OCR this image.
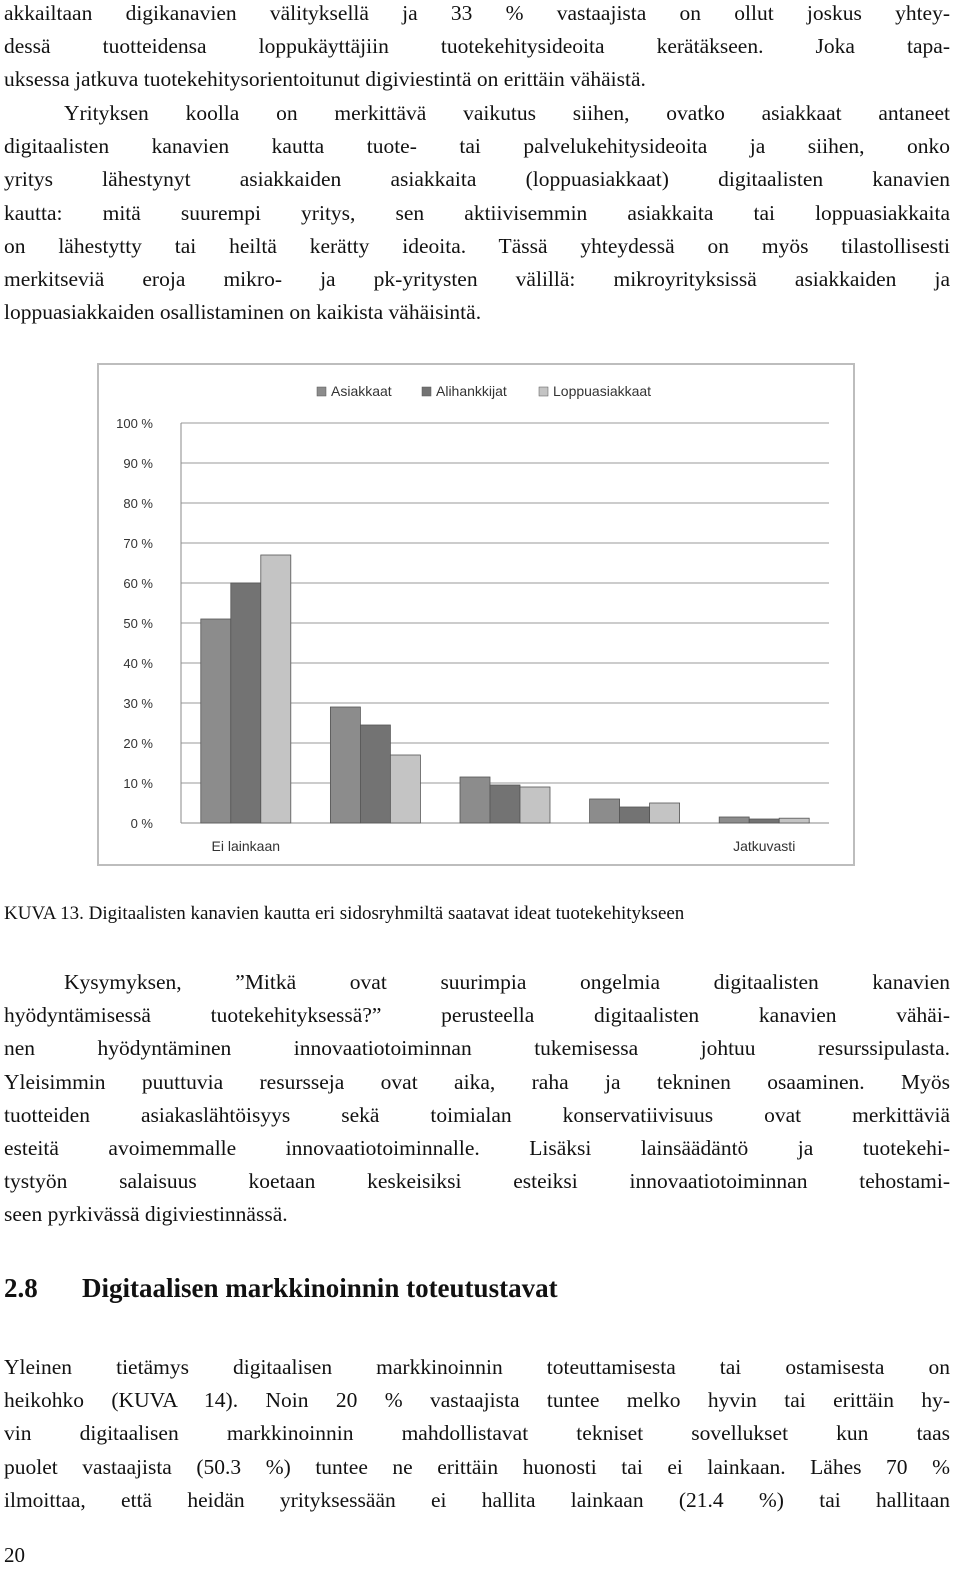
akkailtaan digikanavien välityksellä ja 33 % vastaajista on ollut joskus yhtey-
dessä tuotteidensa loppukäyttäjiin tuotekehitysideoita kerätäkseen. Joka tapa-
uksessa jatkuva tuotekehitysorientoitunut digiviestintä on erittäin vähäistä.
Yrityksen koolla on merkittävä vaikutus siihen, ovatko asiakkaat antaneet
digitaalisten kanavien kautta tuote- tai palvelukehitysideoita ja siihen, onko
yritys lähestynyt asiakkaiden asiakkaita (loppuasiakkaat) digitaalisten kanavien
kautta: mitä suurempi yritys, sen aktiivisemmin asiakkaita tai loppuasiakkaita
on lähestytty tai heiltä kerätty ideoita. Tässä yhteydessä on myös tilastollisesti
merkitseviä eroja mikro- ja pk-yritysten välillä: mikroyrityksissä asiakkaiden ja
loppuasiakkaiden osallistaminen on kaikista vähäisintä.
0 %
10 %
20 %
30 %
40 %
50 %
60 %
70 %
80 %
90 %
100 %
Ei lainkaan	Jatkuvasti
Asiakkaat	Alihankkijat	Loppuasiakkaat
KUVA 13. Digitaalisten kanavien kautta eri sidosryhmiltä saatavat ideat tuotekehitykseen
Kysymyksen, ”Mitkä ovat suurimpia ongelmia digitaalisten kanavien
hyödyntämisessä tuotekehityksessä?” perusteella digitaalisten kanavien vähäi-
nen hyödyntäminen innovaatiotoiminnan tukemisessa johtuu resurssipulasta.
Yleisimmin puuttuvia resursseja ovat aika, raha ja tekninen osaaminen. Myös
tuotteiden asiakaslähtöisyys sekä toimialan konservatiivisuus ovat merkittäviä
esteitä avoimemmalle innovaatiotoiminnalle. Lisäksi lainsäädäntö ja tuotekehi-
tystyön salaisuus koetaan keskeisiksi esteiksi innovaatiotoiminnan tehostami-
seen pyrkivässä digiviestinnässä.
2.8 Digitaalisen markkinoinnin toteutustavat
Yleinen tietämys digitaalisen markkinoinnin toteuttamisesta tai ostamisesta on
heikohko (KUVA 14). Noin 20 % vastaajista tuntee melko hyvin tai erittäin hy-
vin digitaalisen markkinoinnin mahdollistavat tekniset sovellukset kun taas
puolet vastaajista (50.3 %) tuntee ne erittäin huonosti tai ei lainkaan. Lähes 70 %
ilmoittaa, että heidän yrityksessään ei hallita lainkaan (21.4 %) tai hallitaan
20
